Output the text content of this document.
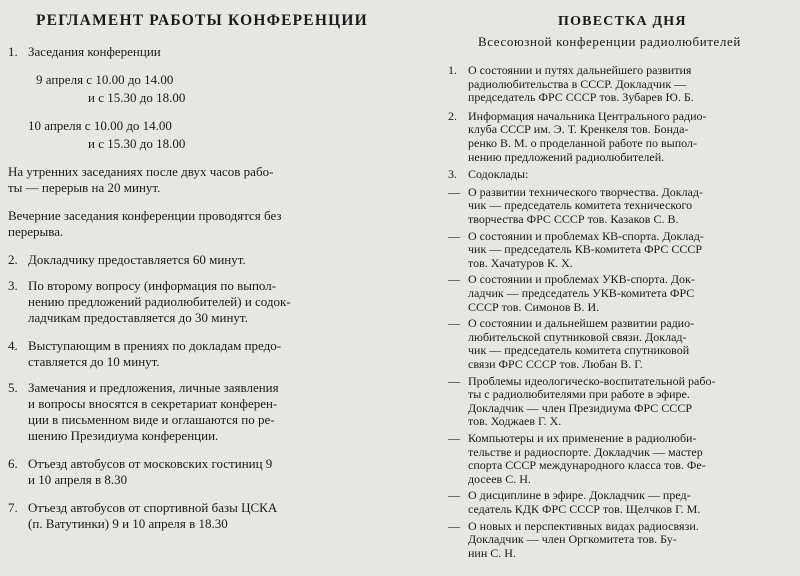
РЕГЛАМЕНТ РАБОТЫ КОНФЕРЕНЦИИ
1. Заседания конференции
9 апреля с 10.00 до 14.00
и с 15.30 до 18.00
10 апреля с 10.00 до 14.00
и с 15.30 до 18.00
На утренних заседаниях после двух часов рабо-
ты — перерыв на 20 минут.
Вечерние заседания конференции проводятся без
перерыва.
2. Докладчику предоставляется 60 минут.
3. По второму вопросу (информация по выпол-
нению предложений радиолюбителей) и содок-
ладчикам предоставляется до 30 минут.
4. Выступающим в прениях по докладам предо-
ставляется до 10 минут.
5. Замечания и предложения, личные заявления
и вопросы вносятся в секретариат конферен-
ции в письменном виде и оглашаются по ре-
шению Президиума конференции.
6. Отъезд автобусов от московских гостиниц 9
и 10 апреля в 8.30
7. Отъезд автобусов от спортивной базы ЦСКА
(п. Ватутинки) 9 и 10 апреля в 18.30
ПОВЕСТКА ДНЯ
Всесоюзной конференции радиолюбителей
1. О состоянии и путях дальнейшего развития
радиолюбительства в СССР. Докладчик —
председатель ФРС СССР тов. Зубарев Ю. Б.
2. Информация начальника Центрального радио-
клуба СССР им. Э. Т. Кренкеля тов. Бонда-
ренко В. М. о проделанной работе по выпол-
нению предложений радиолюбителей.
3. Содоклады:
— О развитии технического творчества. Доклад-
чик — председатель комитета технического
творчества ФРС СССР тов. Казаков С. В.
— О состоянии и проблемах КВ-спорта. Доклад-
чик — председатель КВ-комитета ФРС СССР
тов. Хачатуров К. Х.
— О состоянии и проблемах УКВ-спорта. Док-
ладчик — председатель УКВ-комитета ФРС
СССР тов. Симонов В. И.
— О состоянии и дальнейшем развитии радио-
любительской спутниковой связи. Доклад-
чик — председатель комитета спутниковой
связи ФРС СССР тов. Любан В. Г.
— Проблемы идеологическо-воспитательной рабо-
ты с радиолюбителями при работе в эфире.
Докладчик — член Президиума ФРС СССР
тов. Ходжаев Г. Х.
— Компьютеры и их применение в радиолюби-
тельстве и радиоспорте. Докладчик — мастер
спорта СССР международного класса тов. Фе-
досеев С. Н.
— О дисциплине в эфире. Докладчик — пред-
седатель КДК ФРС СССР тов. Щелчков Г. М.
— О новых и перспективных видах радиосвязи.
Докладчик — член Оргкомитета тов. Бу-
нин С. Н.
